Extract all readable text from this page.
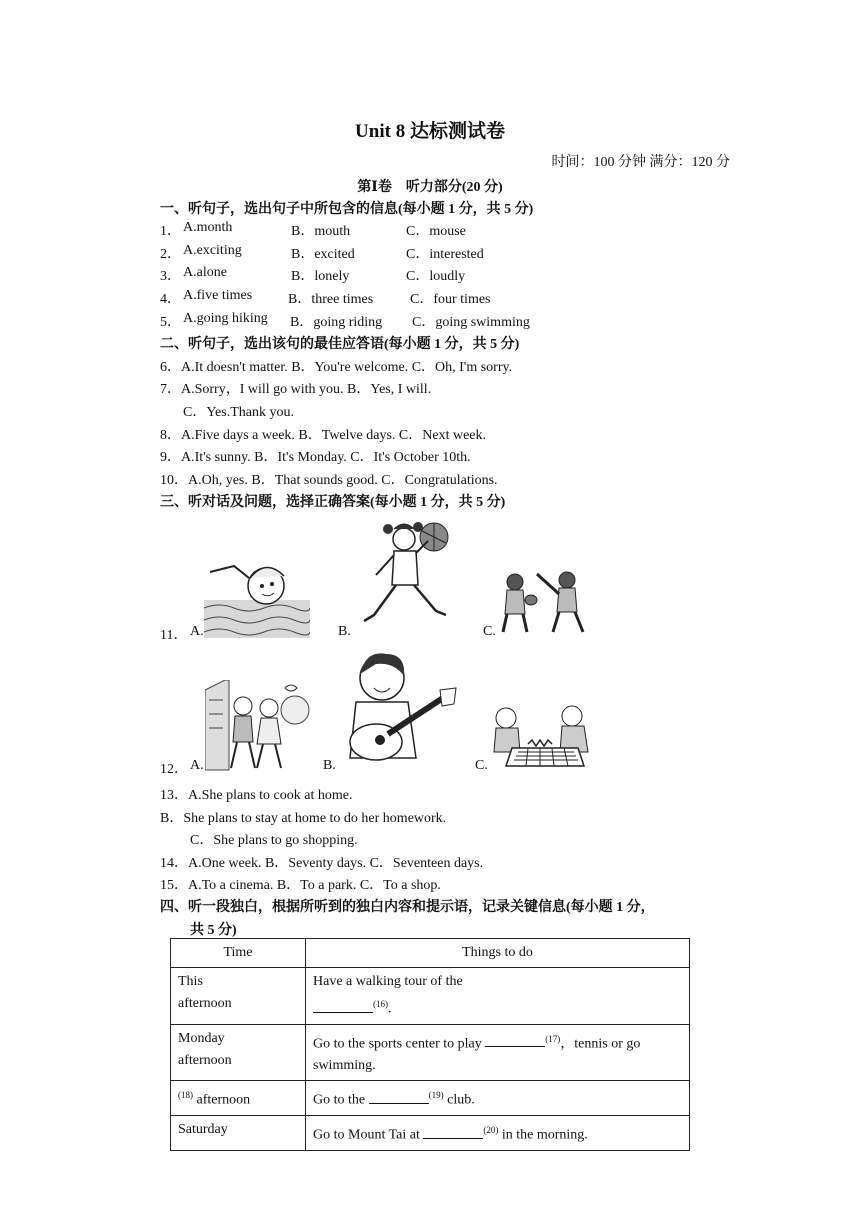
Unit 8 达标测试卷
时间：100 分钟 满分：120 分
第Ⅰ卷　听力部分(20 分)
一、听句子，选出句子中所包含的信息(每小题 1 分，共 5 分)
1． A.month	B．mouth	C．mouse
2． A.exciting	B．excited	C．interested
3． A.alone	B．lonely	C．loudly
4． A.five times	B．three times	C．four times
5． A.going hiking B．going riding C．going swimming
二、听句子，选出该句的最佳应答语(每小题 1 分，共 5 分)
6．A.It doesn't matter. B．You're welcome. C．Oh, I'm sorry.
7．A.Sorry，I will go with you. B．Yes, I will.
C．Yes.Thank you.
8．A.Five days a week. B．Twelve days. C．Next week.
9．A.It's sunny. B．It's Monday. C．It's October 10th.
10．A.Oh, yes. B．That sounds good. C．Congratulations.
三、听对话及问题，选择正确答案(每小题 1 分，共 5 分)
11． A.	B.	C.
12． A.	B.	C.
13．A.She plans to cook at home.
B．She plans to stay at home to do her homework.
C．She plans to go shopping.
14．A.One week. B．Seventy days. C．Seventeen days.
15．A.To a cinema. B．To a park. C．To a shop.
四、听一段独白，根据所听到的独白内容和提示语，记录关键信息(每小题 1 分，
共 5 分)
Time	Things to do
This
afternoon	Have a walking tour of the
$^{(16)}$.
Monday
afternoon	Go to the sports center to play $^{(17)}$，tennis or go
swimming.
$^{(18)}$ afternoon	Go to the $^{(19)}$ club.
Saturday	Go to Mount Tai at $^{(20)}$ in the morning.
